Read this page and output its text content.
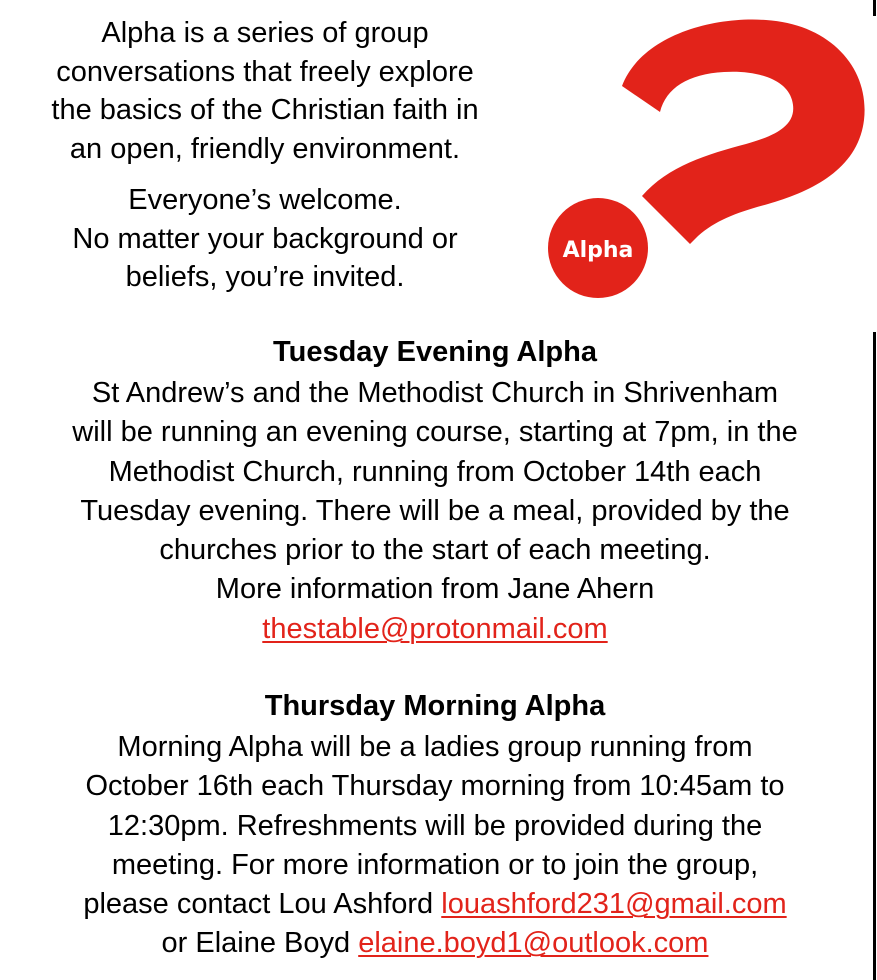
Alpha is a series of group
conversations that freely explore
the basics of the Christian faith in
an open, friendly environment.

Everyone’s welcome.
No matter your background or
beliefs, you’re invited.

Alpha
Tuesday Evening Alpha

St Andrew’s and the Methodist Church in Shrivenham
will be running an evening course, starting at 7pm, in the
Methodist Church, running from October 14th each
Tuesday evening. There will be a meal, provided by the
churches prior to the start of each meeting.
More information from Jane Ahern
thestable@protonmail.com

Thursday Morning Alpha

Morning Alpha will be a ladies group running from
October 16th each Thursday morning from 10:45am to
12:30pm. Refreshments will be provided during the
meeting. For more information or to join the group,
please contact Lou Ashford louashford231@gmail.com
or Elaine Boyd elaine.boyd1@outlook.com
